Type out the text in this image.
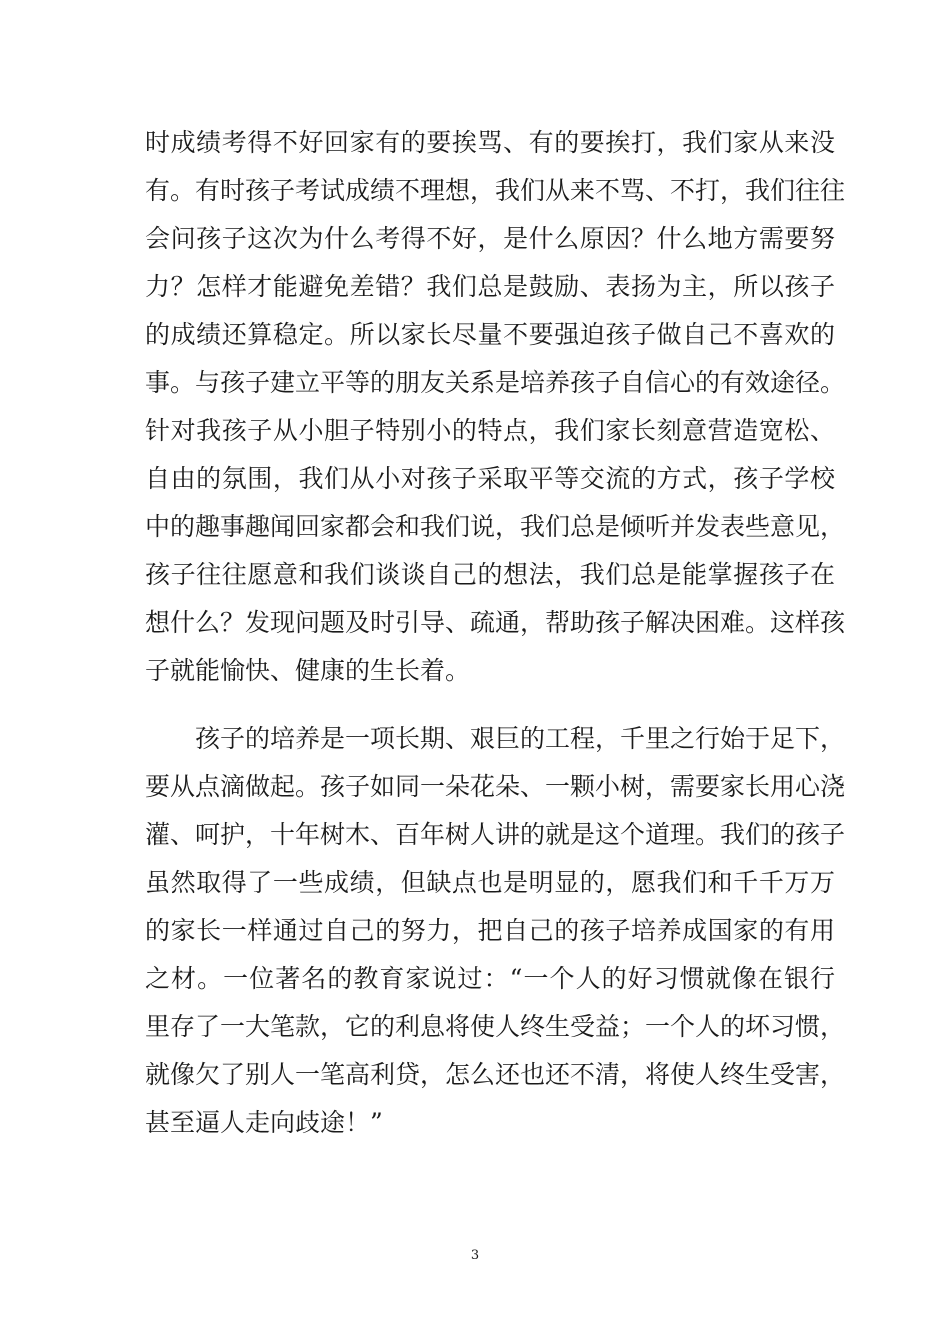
时成绩考得不好回家有的要挨骂、有的要挨打，我们家从来没
有。有时孩子考试成绩不理想，我们从来不骂、不打，我们往往
会问孩子这次为什么考得不好，是什么原因？什么地方需要努
力？怎样才能避免差错？我们总是鼓励、表扬为主，所以孩子
的成绩还算稳定。所以家长尽量不要强迫孩子做自己不喜欢的
事。与孩子建立平等的朋友关系是培养孩子自信心的有效途径。
针对我孩子从小胆子特别小的特点，我们家长刻意营造宽松、
自由的氛围，我们从小对孩子采取平等交流的方式，孩子学校
中的趣事趣闻回家都会和我们说，我们总是倾听并发表些意见，
孩子往往愿意和我们谈谈自己的想法，我们总是能掌握孩子在
想什么？发现问题及时引导、疏通，帮助孩子解决困难。这样孩
子就能愉快、健康的生长着。
孩子的培养是一项长期、艰巨的工程，千里之行始于足下，
要从点滴做起。孩子如同一朵花朵、一颗小树，需要家长用心浇
灌、呵护，十年树木、百年树人讲的就是这个道理。我们的孩子
虽然取得了一些成绩，但缺点也是明显的，愿我们和千千万万
的家长一样通过自己的努力，把自己的孩子培养成国家的有用
之材。一位著名的教育家说过：“一个人的好习惯就像在银行
里存了一大笔款，它的利息将使人终生受益；一个人的坏习惯，
就像欠了别人一笔高利贷，怎么还也还不清，将使人终生受害，
甚至逼人走向歧途！”
3
